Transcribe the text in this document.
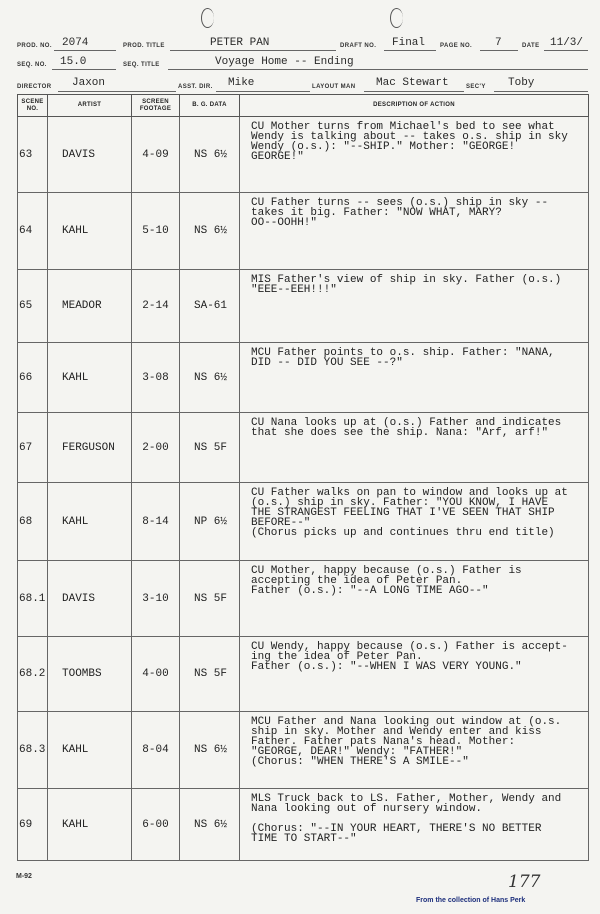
PROD. NO. 2074	PROD. TITLE	PETER PAN	DRAFT NO. Final PAGE NO. 7	DATE 11/3/
SEQ. NO. 15.0	SEQ. TITLE	Voyage Home -- Ending
DIRECTOR Jaxon	ASST. DIR. Mike	LAYOUT MAN Mac Stewart	SEC'Y Toby
SCENE NO.	ARTIST	SCREEN FOOTAGE	B. G. DATA	DESCRIPTION OF ACTION
63	DAVIS	4-09	NS 6½	CU Mother turns from Michael's bed to see what
Wendy is talking about -- takes o.s. ship in sky
Wendy (o.s.): "--SHIP." Mother: "GEORGE!
GEORGE!"
64	KAHL	5-10	NS 6½	CU Father turns -- sees (o.s.) ship in sky --
takes it big. Father: "NOW WHAT, MARY?
OO--OOHH!"
65	MEADOR	2-14	SA-61	MIS Father's view of ship in sky. Father (o.s.)
"EEE--EEH!!!"
66	KAHL	3-08	NS 6½	MCU Father points to o.s. ship. Father: "NANA,
DID -- DID YOU SEE --?"
67	FERGUSON	2-00	NS 5F	CU Nana looks up at (o.s.) Father and indicates
that she does see the ship. Nana: "Arf, arf!"
68	KAHL	8-14	NP 6½	CU Father walks on pan to window and looks up at
(o.s.) ship in sky. Father: "YOU KNOW, I HAVE
THE STRANGEST FEELING THAT I'VE SEEN THAT SHIP
BEFORE--"
(Chorus picks up and continues thru end title)
68.1	DAVIS	3-10	NS 5F	CU Mother, happy because (o.s.) Father is
accepting the idea of Peter Pan.
Father (o.s.): "--A LONG TIME AGO--"
68.2	TOOMBS	4-00	NS 5F	CU Wendy, happy because (o.s.) Father is accept-
ing the idea of Peter Pan.
Father (o.s.): "--WHEN I WAS VERY YOUNG."
68.3	KAHL	8-04	NS 6½	MCU Father and Nana looking out window at (o.s.
ship in sky. Mother and Wendy enter and kiss
Father. Father pats Nana's head. Mother:
"GEORGE, DEAR!" Wendy: "FATHER!"
(Chorus: "WHEN THERE'S A SMILE--"
69	KAHL	6-00	NS 6½	MLS Truck back to LS. Father, Mother, Wendy and
Nana looking out of nursery window.

(Chorus: "--IN YOUR HEART, THERE'S NO BETTER
TIME TO START--"
M-92	177
From the collection of Hans Perk
